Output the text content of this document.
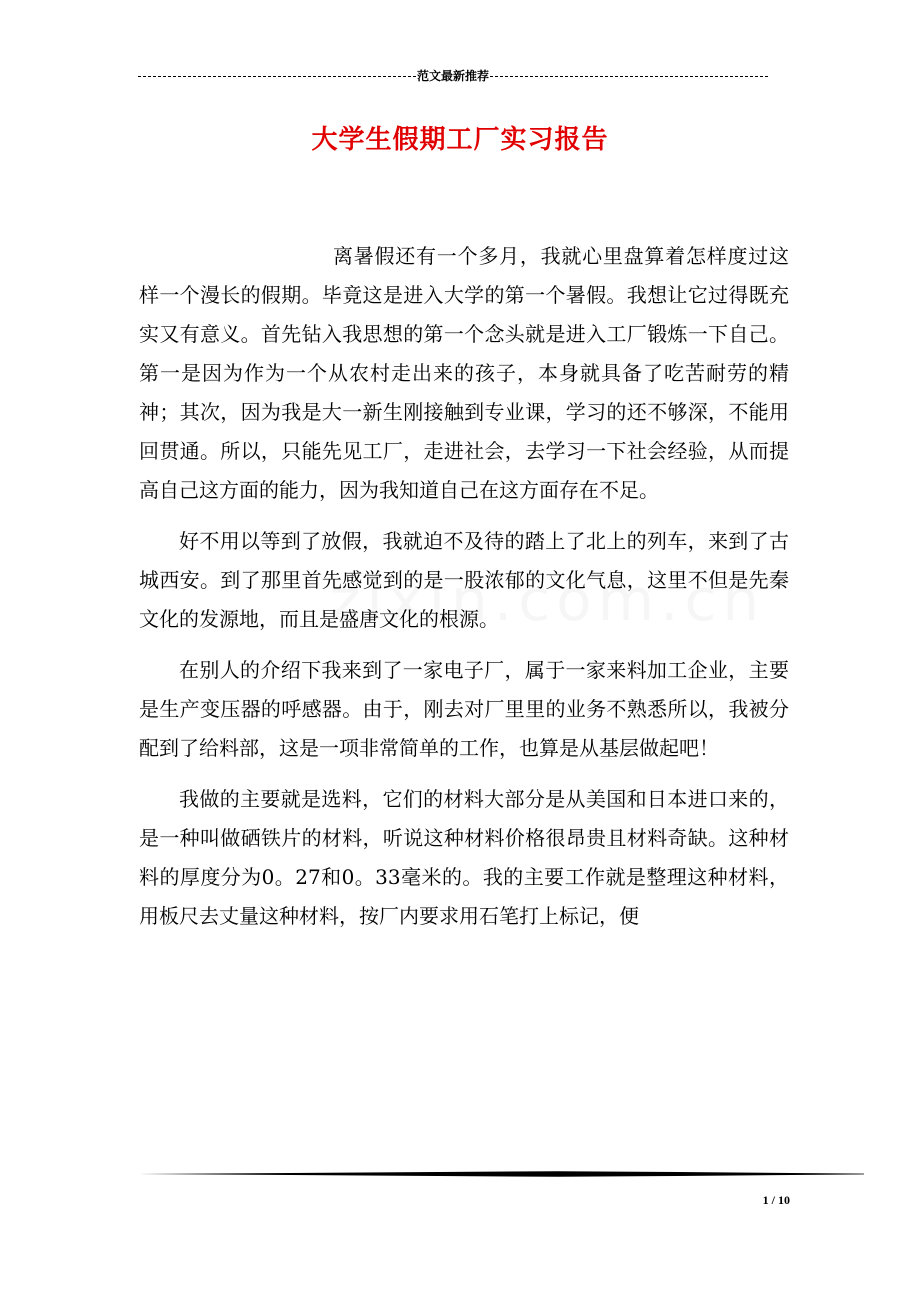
范文最新推荐
大学生假期工厂实习报告

离暑假还有一个多月，我就心里盘算着怎样度过这样一个漫长的假期。毕竟这是进入大学的第一个暑假。我想让它过得既充实又有意义。首先钻入我思想的第一个念头就是进入工厂锻炼一下自己。第一是因为作为一个从农村走出来的孩子，本身就具备了吃苦耐劳的精神；其次，因为我是大一新生刚接触到专业课，学习的还不够深，不能用回贯通。所以，只能先见工厂，走进社会，去学习一下社会经验，从而提高自己这方面的能力，因为我知道自己在这方面存在不足。

好不用以等到了放假，我就迫不及待的踏上了北上的列车，来到了古城西安。到了那里首先感觉到的是一股浓郁的文化气息，这里不但是先秦文化的发源地，而且是盛唐文化的根源。

在别人的介绍下我来到了一家电子厂，属于一家来料加工企业，主要是生产变压器的呼感器。由于，刚去对厂里里的业务不熟悉所以，我被分配到了给料部，这是一项非常简单的工作，也算是从基层做起吧！

我做的主要就是选料，它们的材料大部分是从美国和日本进口来的，是一种叫做硒铁片的材料，听说这种材料价格很昂贵且材料奇缺。这种材料的厚度分为0。27和0。33毫米的。我的主要工作就是整理这种材料，用板尺去丈量这种材料，按厂内要求用石笔打上标记，便

1 / 10
